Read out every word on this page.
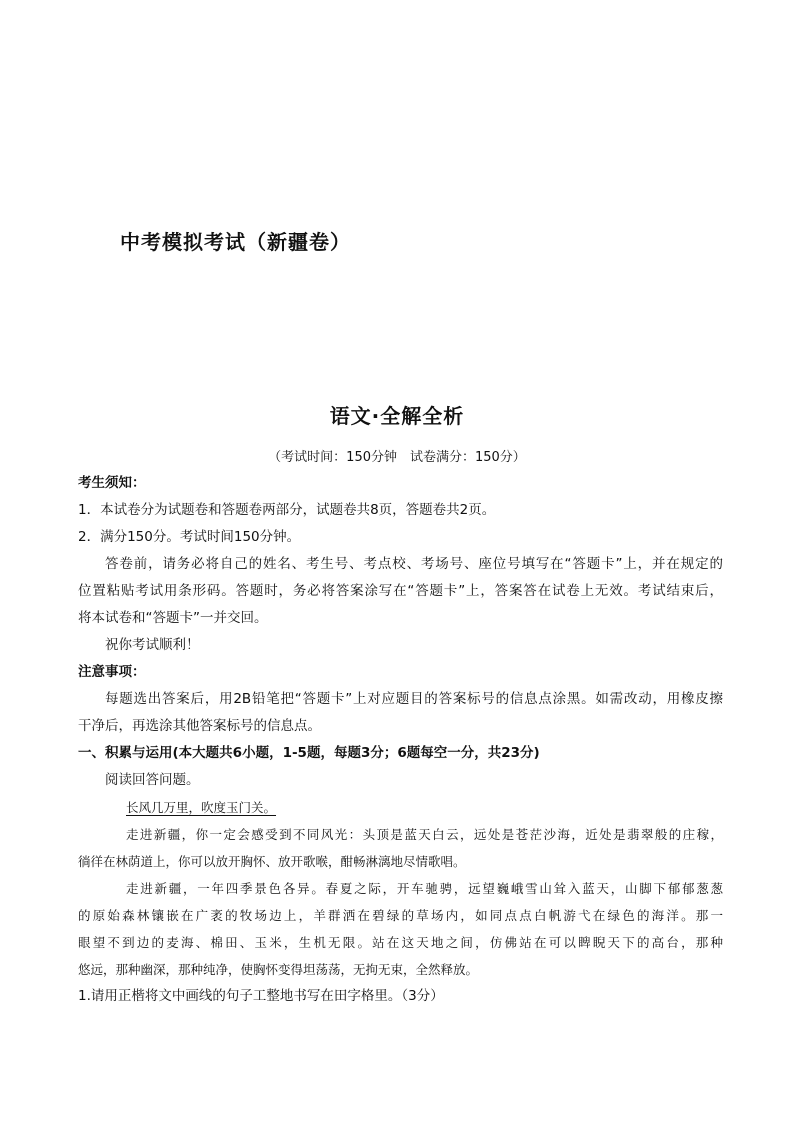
中考模拟考试（新疆卷）
语文·全解全析
（考试时间：150分钟　试卷满分：150分）
考生须知：
1．本试卷分为试题卷和答题卷两部分，试题卷共8页，答题卷共2页。
2．满分150分。考试时间150分钟。
答卷前，请务必将自己的姓名、考生号、考点校、考场号、座位号填写在“答题卡”上，并在规定的
位置粘贴考试用条形码。答题时，务必将答案涂写在“答题卡”上，答案答在试卷上无效。考试结束后，
将本试卷和“答题卡”一并交回。
祝你考试顺利！
注意事项：
每题选出答案后，用2B铅笔把“答题卡”上对应题目的答案标号的信息点涂黑。如需改动，用橡皮擦
干净后，再选涂其他答案标号的信息点。
一、积累与运用(本大题共6小题，1-5题，每题3分；6题每空一分，共23分)
阅读回答问题。
长风几万里，吹度玉门关。
走进新疆，你一定会感受到不同风光：头顶是蓝天白云，远处是苍茫沙海，近处是翡翠般的庄稼，
徜徉在林荫道上，你可以放开胸怀、放开歌喉，酣畅淋漓地尽情歌唱。
走进新疆，一年四季景色各异。春夏之际，开车驰骋，远望巍峨雪山耸入蓝天，山脚下郁郁葱葱
的原始森林镶嵌在广袤的牧场边上，羊群洒在碧绿的草场内，如同点点白帆游弋在绿色的海洋。那一
眼望不到边的麦海、棉田、玉米，生机无限。站在这天地之间，仿佛站在可以睥睨天下的高台，那种
悠远，那种幽深，那种纯净，使胸怀变得坦荡荡，无拘无束，全然释放。
1.请用正楷将文中画线的句子工整地书写在田字格里。（3分）
